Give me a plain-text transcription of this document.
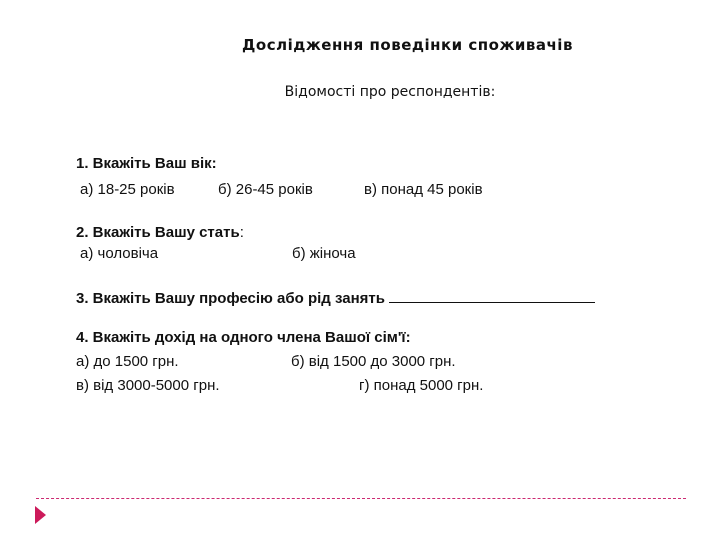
Дослідження поведінки споживачів
Відомості про респондентів:
1. Вкажіть Ваш вік:
а) 18-25 років	б) 26-45 років	в) понад 45 років
2. Вкажіть Вашу стать:
а) чоловіча	б) жіноча
3. Вкажіть Вашу професію або рід занять
4. Вкажіть дохід на одного члена Вашої сім'ї:
а) до 1500 грн.	б) від 1500 до 3000 грн.
в) від 3000-5000 грн.	г) понад 5000 грн.
